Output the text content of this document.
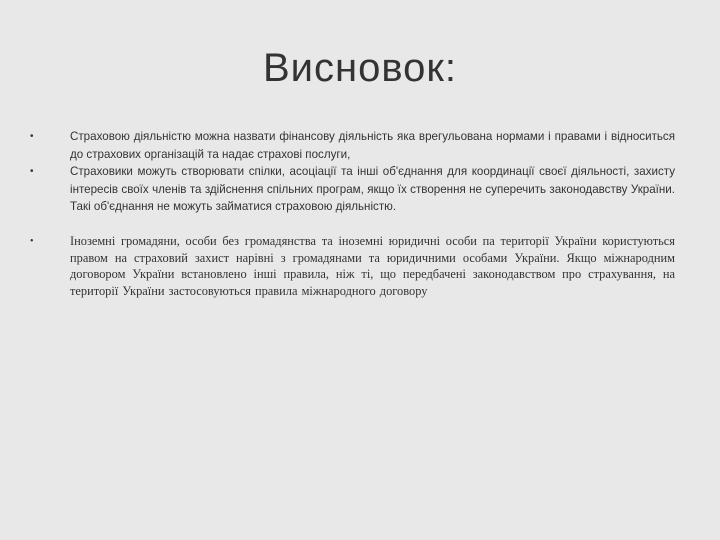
Висновок:
•	Страховою діяльністю можна назвати фінансову діяльність яка врегульована нормами і правами і відноситься до страхових організацій та надає страхові послуги,
•	Страховики можуть створювати спілки, асоціації та інші об'єднання для координації своєї діяльності, захисту інтересів своїх членів та здійснення спільних програм, якщо їх створення не суперечить законодавству України. Такі об'єднання не можуть займатися страховою діяльністю.
•	Іноземні громадяни, особи без громадянства та іноземні юридичні особи па території України користуються правом на страховий захист нарівні з громадянами та юридичними особами України. Якщо міжнародним договором України встановлено інші правила, ніж ті, що передбачені законодавством про страхування, на території України застосовуються правила міжнародного договору
